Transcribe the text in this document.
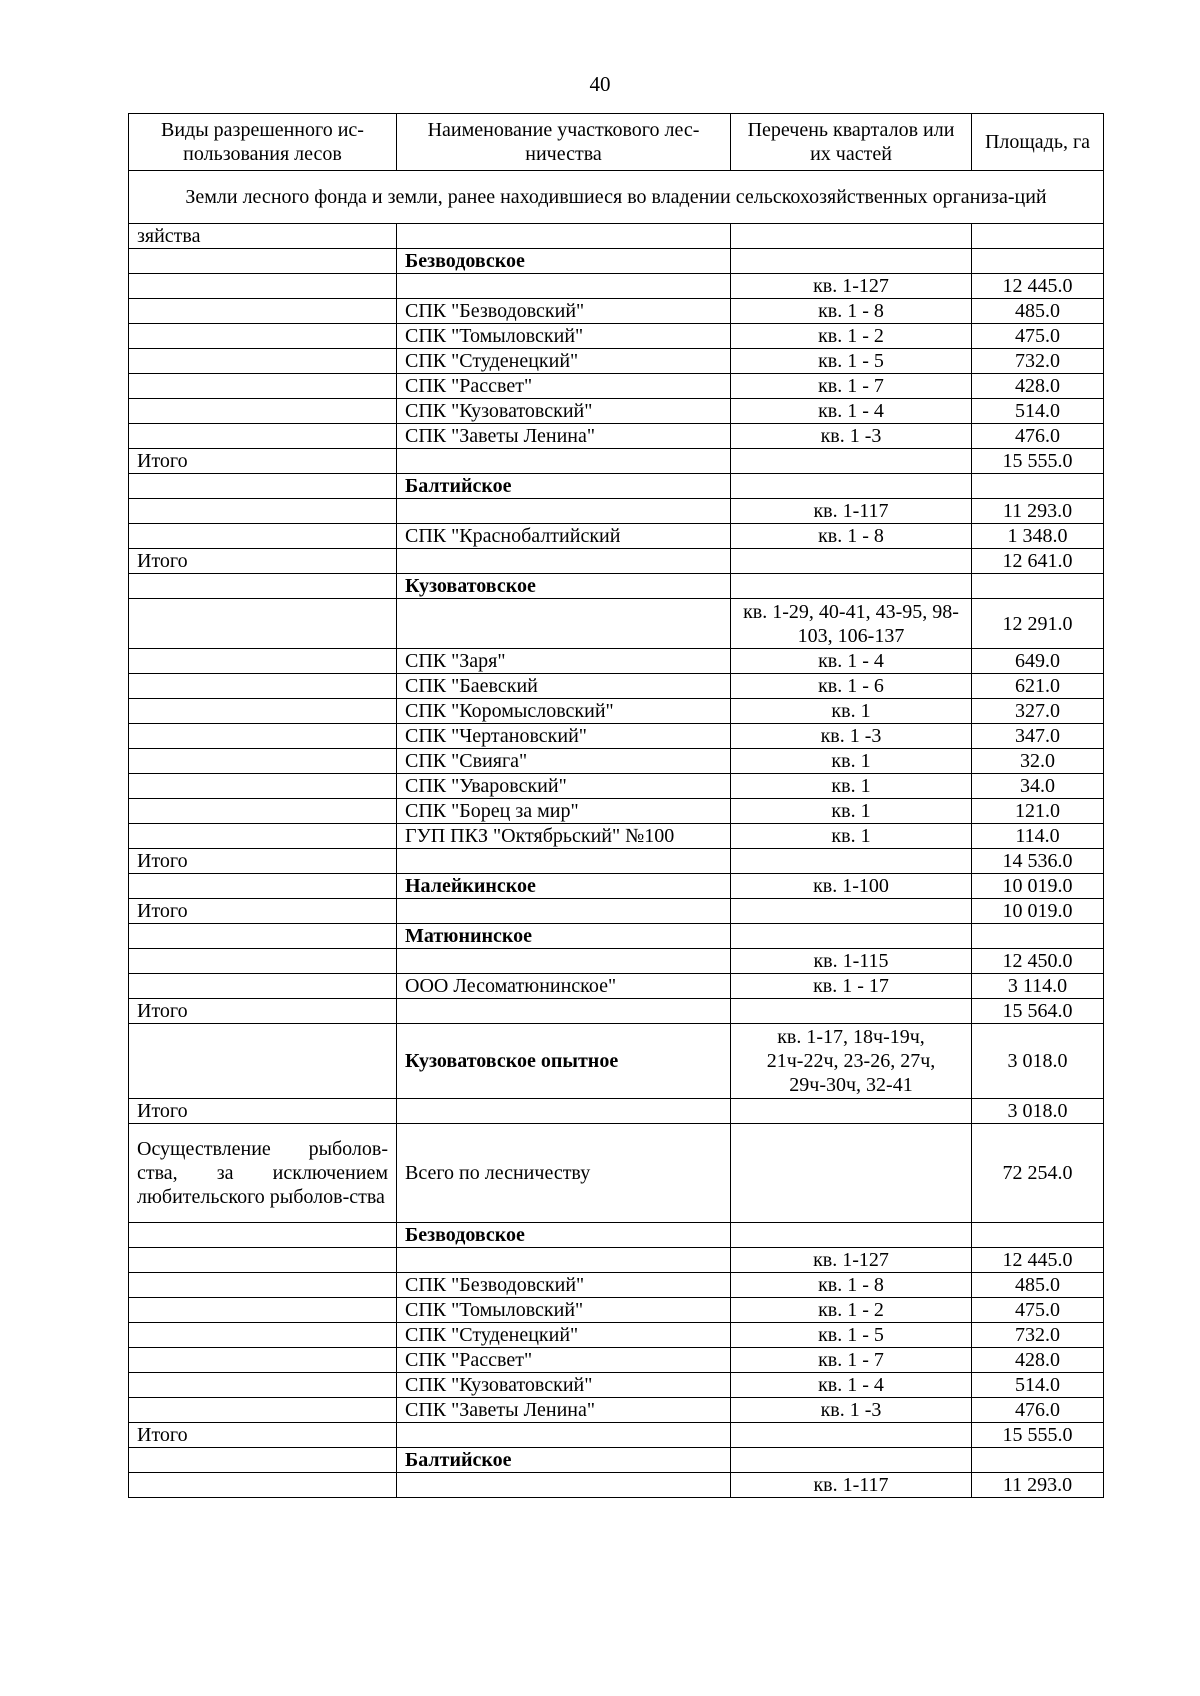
40
Виды разрешенного ис-пользования лесов	Наименование участкового лес-ничества	Перечень кварталов или их частей	Площадь, га
Земли лесного фонда и земли, ранее находившиеся во владении сельскохозяйственных организа-ций			
зяйства			
	Безводовское		
		кв. 1-127	12 445.0
	СПК "Безводовский"	кв. 1 - 8	485.0
	СПК "Томыловский"	кв. 1 - 2	475.0
	СПК "Студенецкий"	кв. 1 - 5	732.0
	СПК "Рассвет"	кв. 1 - 7	428.0
	СПК "Кузоватовский"	кв. 1 - 4	514.0
	СПК "Заветы Ленина"	кв. 1 -3	476.0
Итого			15 555.0
	Балтийское		
		кв. 1-117	11 293.0
	СПК "Краснобалтийский	кв. 1 - 8	1 348.0
Итого			12 641.0
	Кузоватовское		
		кв. 1-29, 40-41, 43-95, 98-103, 106-137	12 291.0
	СПК "Заря"	кв. 1 - 4	649.0
	СПК "Баевский	кв. 1 - 6	621.0
	СПК "Коромысловский"	кв. 1	327.0
	СПК "Чертановский"	кв. 1 -3	347.0
	СПК "Свияга"	кв. 1	32.0
	СПК "Уваровский"	кв. 1	34.0
	СПК "Борец за мир"	кв. 1	121.0
	ГУП ПКЗ "Октябрьский" №100	кв. 1	114.0
Итого			14 536.0
	Налейкинское	кв. 1-100	10 019.0
Итого			10 019.0
	Матюнинское		
		кв. 1-115	12 450.0
	ООО Лесоматюнинское"	кв. 1 - 17	3 114.0
Итого			15 564.0
	Кузоватовское опытное	кв. 1-17, 18ч-19ч, 21ч-22ч, 23-26, 27ч, 29ч-30ч, 32-41	3 018.0
Итого			3 018.0
Осуществление рыболов-ства, за исключением любительского рыболов-ства	Всего по лесничеству		72 254.0
	Безводовское		
		кв. 1-127	12 445.0
	СПК "Безводовский"	кв. 1 - 8	485.0
	СПК "Томыловский"	кв. 1 - 2	475.0
	СПК "Студенецкий"	кв. 1 - 5	732.0
	СПК "Рассвет"	кв. 1 - 7	428.0
	СПК "Кузоватовский"	кв. 1 - 4	514.0
	СПК "Заветы Ленина"	кв. 1 -3	476.0
Итого			15 555.0
	Балтийское		
		кв. 1-117	11 293.0
